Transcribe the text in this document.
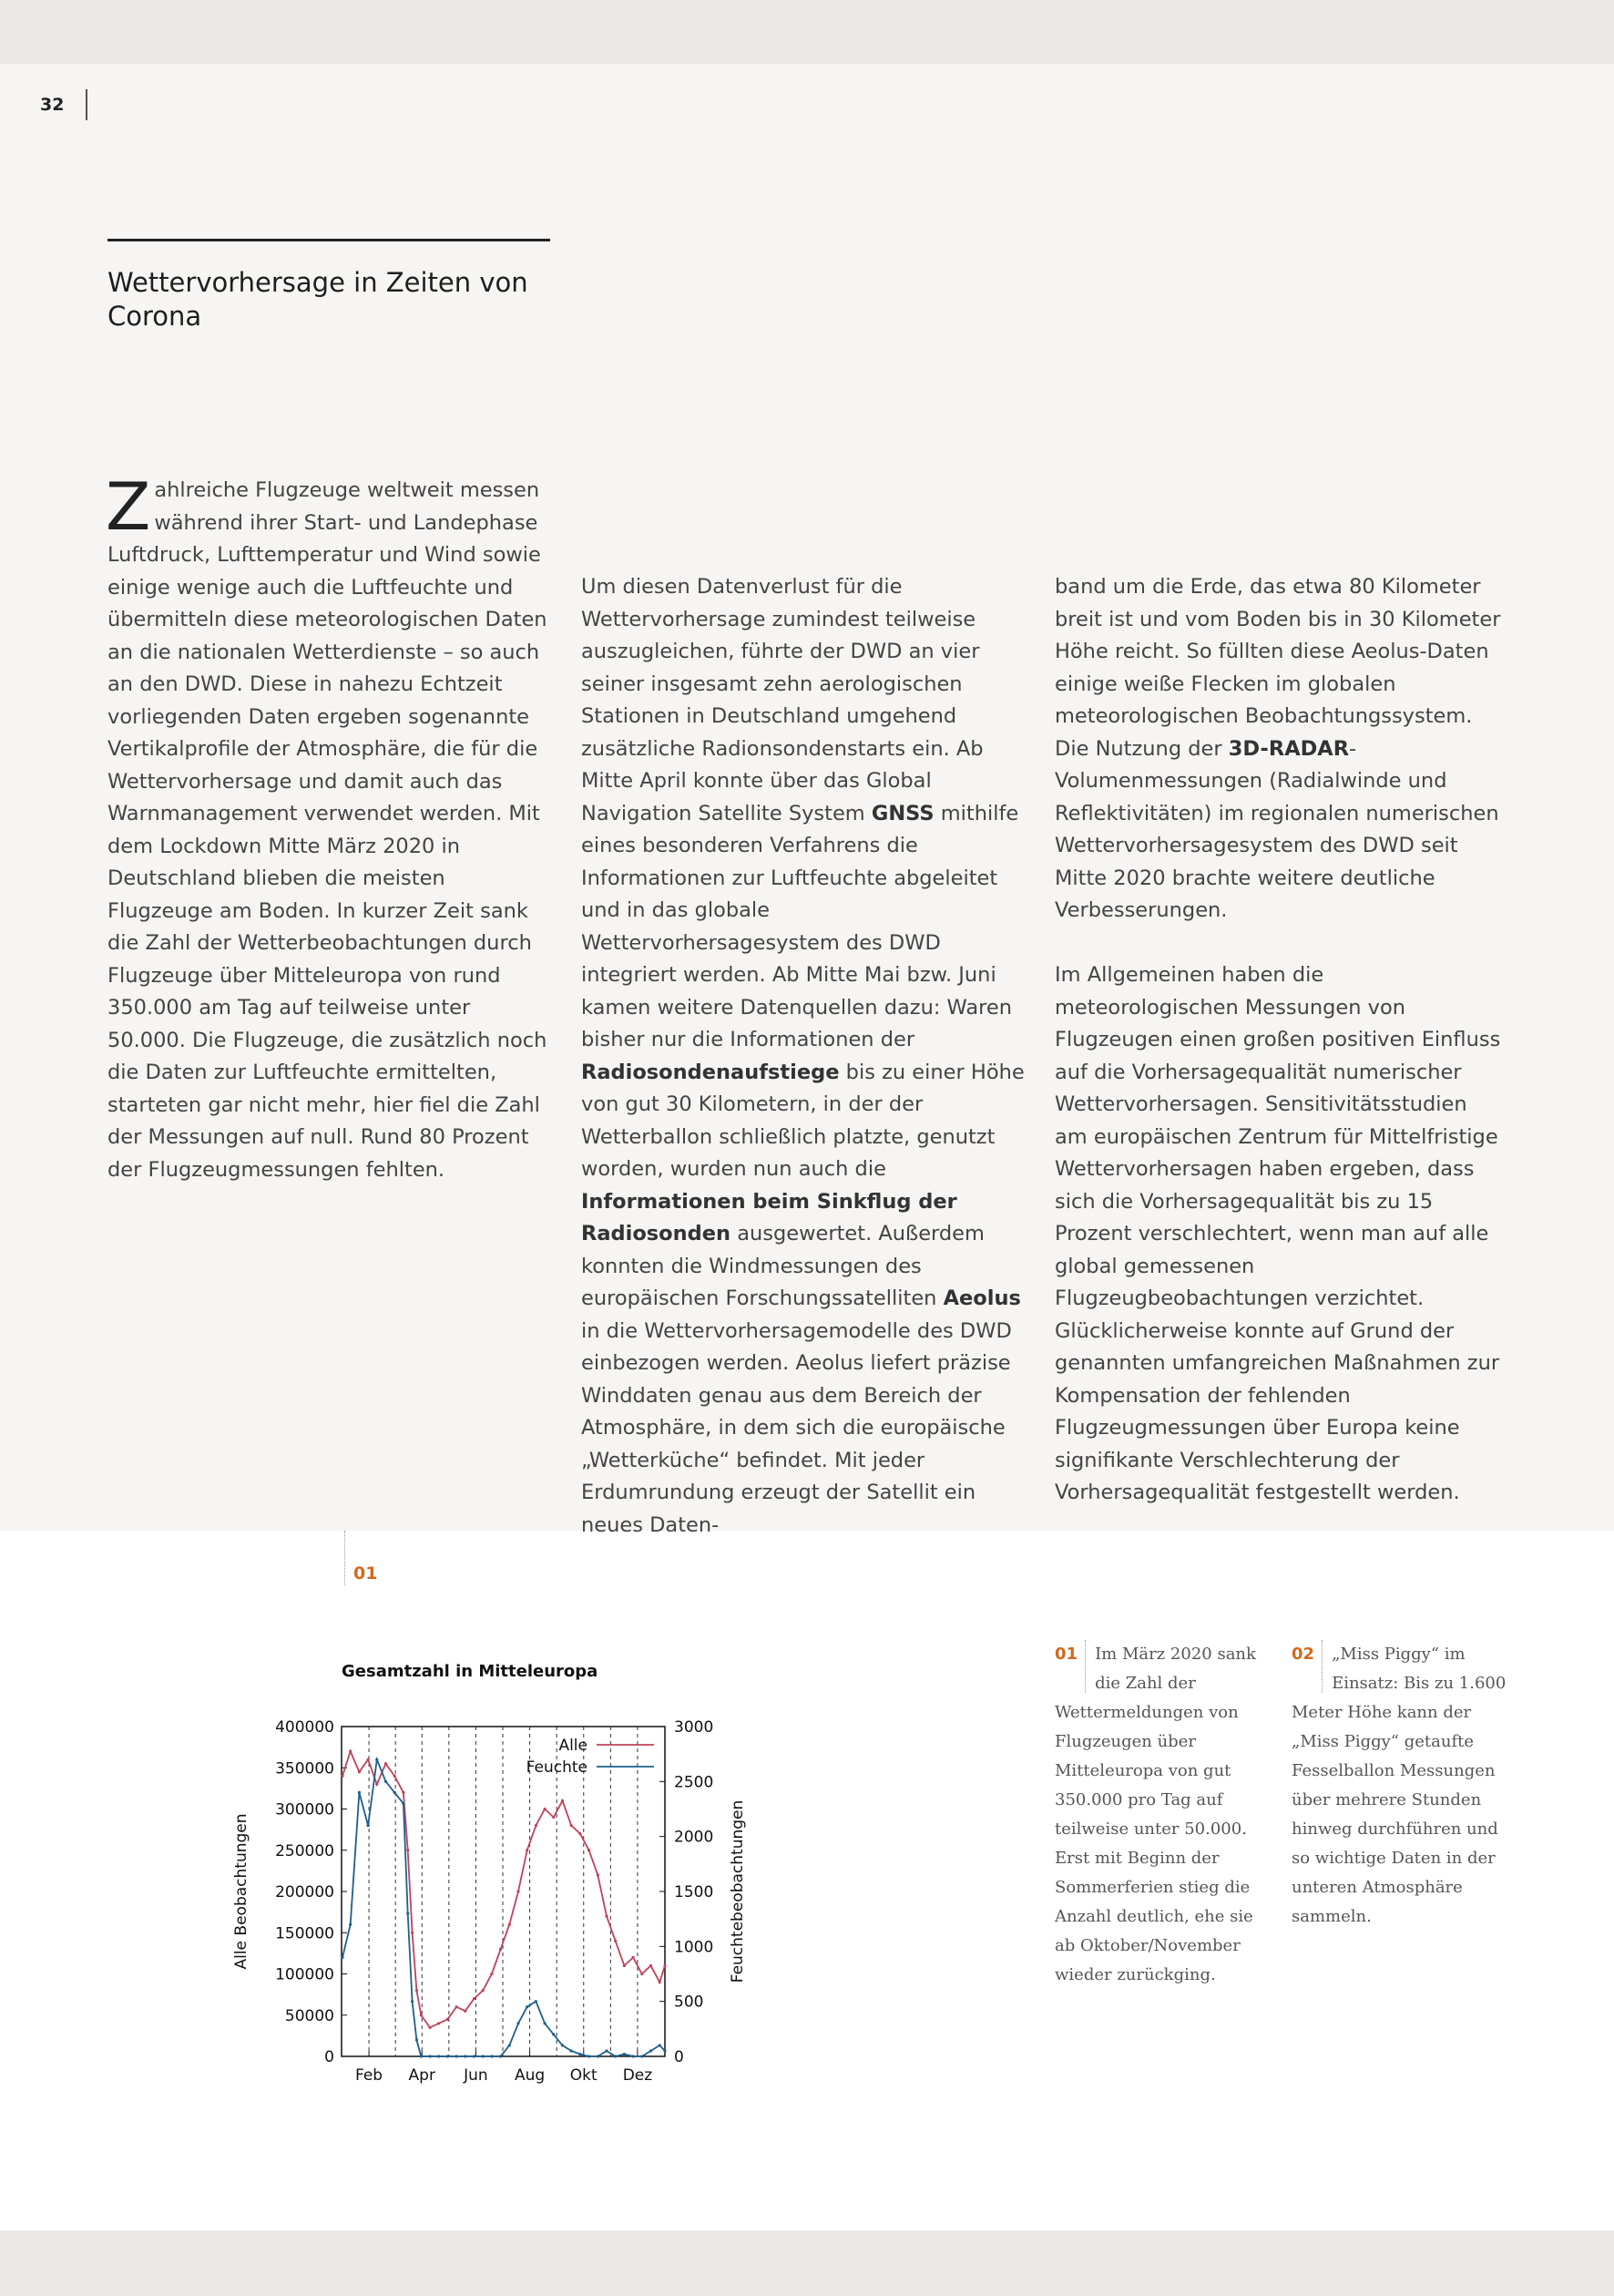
32
Wettervorhersage in Zeiten von Corona

Zahlreiche Flugzeuge weltweit messen während ihrer Start- und Landephase Luftdruck, Lufttemperatur und Wind sowie einige wenige auch die Luftfeuchte und übermitteln diese meteorologischen Daten an die nationalen Wetterdienste – so auch an den DWD. Diese in nahezu Echtzeit vorliegenden Daten ergeben sogenannte Vertikalprofile der Atmosphäre, die für die Wettervorhersage und damit auch das Warnmanagement verwendet werden. Mit dem Lockdown Mitte März 2020 in Deutschland blieben die meisten Flugzeuge am Boden. In kurzer Zeit sank die Zahl der Wetterbeobachtungen durch Flugzeuge über Mitteleuropa von rund 350.000 am Tag auf teilweise unter 50.000. Die Flugzeuge, die zusätzlich noch die Daten zur Luftfeuchte ermittelten, starteten gar nicht mehr, hier fiel die Zahl der Messungen auf null. Rund 80 Prozent der Flugzeugmessungen fehlten.

Um diesen Datenverlust für die Wettervorhersage zumindest teilweise auszugleichen, führte der DWD an vier seiner insgesamt zehn aerologischen Stationen in Deutschland umgehend zusätzliche Radionsondenstarts ein. Ab Mitte April konnte über das Global Navigation Satellite System GNSS mithilfe eines besonderen Verfahrens die Informationen zur Luftfeuchte abgeleitet und in das globale Wettervorhersagesystem des DWD integriert werden. Ab Mitte Mai bzw. Juni kamen weitere Datenquellen dazu: Waren bisher nur die Informationen der Radiosondenaufstiege bis zu einer Höhe von gut 30 Kilometern, in der der Wetterballon schließlich platzte, genutzt worden, wurden nun auch die Informationen beim Sinkflug der Radiosonden ausgewertet. Außerdem konnten die Windmessungen des europäischen Forschungssatelliten Aeolus in die Wettervorhersagemodelle des DWD einbezogen werden. Aeolus liefert präzise Winddaten genau aus dem Bereich der Atmosphäre, in dem sich die europäische „Wetterküche“ befindet. Mit jeder Erdumrundung erzeugt der Satellit ein neues Daten-

band um die Erde, das etwa 80 Kilometer breit ist und vom Boden bis in 30 Kilometer Höhe reicht. So füllten diese Aeolus-Daten einige weiße Flecken im globalen meteorologischen Beobachtungssystem. Die Nutzung der 3D-RADAR-Volumenmessungen (Radialwinde und Reflektivitäten) im regionalen numerischen Wettervorhersagesystem des DWD seit Mitte 2020 brachte weitere deutliche Verbesserungen.

Im Allgemeinen haben die meteorologischen Messungen von Flugzeugen einen großen positiven Einfluss auf die Vorhersagequalität numerischer Wettervorhersagen. Sensitivitätsstudien am europäischen Zentrum für Mittelfristige Wettervorhersagen haben ergeben, dass sich die Vorhersagequalität bis zu 15 Prozent verschlechtert, wenn man auf alle global gemessenen Flugzeugbeobachtungen verzichtet. Glücklicherweise konnte auf Grund der genannten umfangreichen Maßnahmen zur Kompensation der fehlenden Flugzeugmessungen über Europa keine signifikante Verschlechterung der Vorhersagequalität festgestellt werden.

01
Gesamtzahl in Mitteleuropa
Feb Apr Jun Aug Okt Dez
0
50000
100000
150000
200000
250000
300000
350000
400000
0
500
1000
1500
2000
2500
3000
Alle Beobachtungen	Feuchtebeobachtungen
Alle
Feuchte
01	Im März 2020 sank die Zahl der Wettermeldungen von Flugzeugen über Mitteleuropa von gut 350.000 pro Tag auf teilweise unter 50.000. Erst mit Beginn der Sommerferien stieg die Anzahl deutlich, ehe sie ab Oktober/November wieder zurückging.
02	„Miss Piggy“ im Einsatz: Bis zu 1.600 Meter Höhe kann der „Miss Piggy“ getaufte Fesselballon Messungen über mehrere Stunden hinweg durchführen und so wichtige Daten in der unteren Atmosphäre sammeln.
